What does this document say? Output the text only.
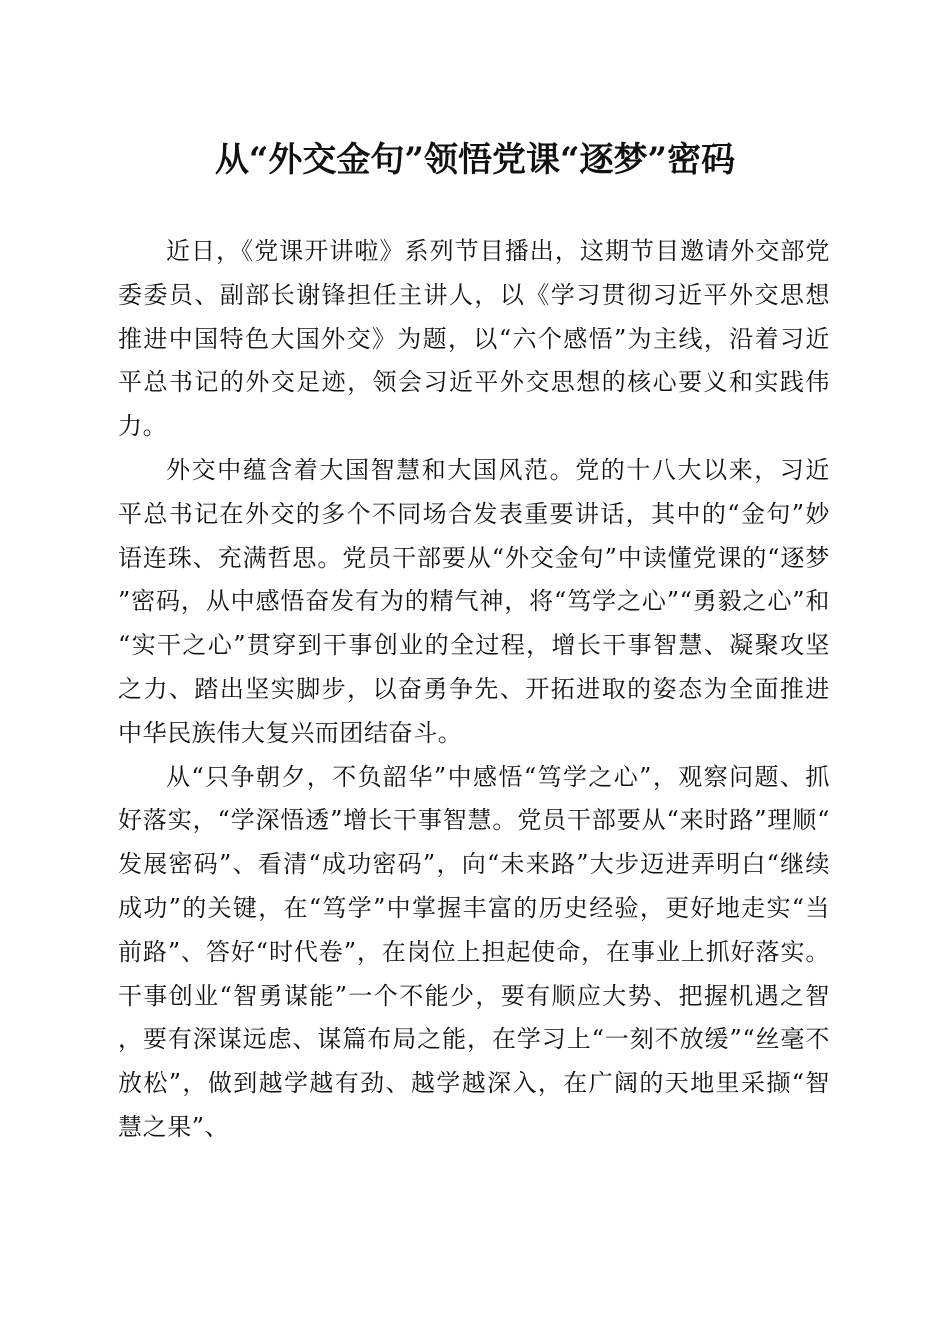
从“外交金句”领悟党课“逐梦”密码

近日，《党课开讲啦》系列节目播出，这期节目邀请外交部党委委员、副部长谢锋担任主讲人，以《学习贯彻习近平外交思想推进中国特色大国外交》为题，以“六个感悟”为主线，沿着习近平总书记的外交足迹，领会习近平外交思想的核心要义和实践伟力。

外交中蕴含着大国智慧和大国风范。党的十八大以来，习近平总书记在外交的多个不同场合发表重要讲话，其中的“金句”妙语连珠、充满哲思。党员干部要从“外交金句”中读懂党课的“逐梦”密码，从中感悟奋发有为的精气神，将“笃学之心”“勇毅之心”和“实干之心”贯穿到干事创业的全过程，增长干事智慧、凝聚攻坚之力、踏出坚实脚步，以奋勇争先、开拓进取的姿态为全面推进中华民族伟大复兴而团结奋斗。

从“只争朝夕，不负韶华”中感悟“笃学之心”，观察问题、抓好落实，“学深悟透”增长干事智慧。党员干部要从“来时路”理顺“发展密码”、看清“成功密码”，向“未来路”大步迈进弄明白“继续成功”的关键，在“笃学”中掌握丰富的历史经验，更好地走实“当前路”、答好“时代卷”，在岗位上担起使命，在事业上抓好落实。干事创业“智勇谋能”一个不能少，要有顺应大势、把握机遇之智，要有深谋远虑、谋篇布局之能，在学习上“一刻不放缓”“丝毫不放松”，做到越学越有劲、越学越深入，在广阔的天地里采撷“智慧之果”、
